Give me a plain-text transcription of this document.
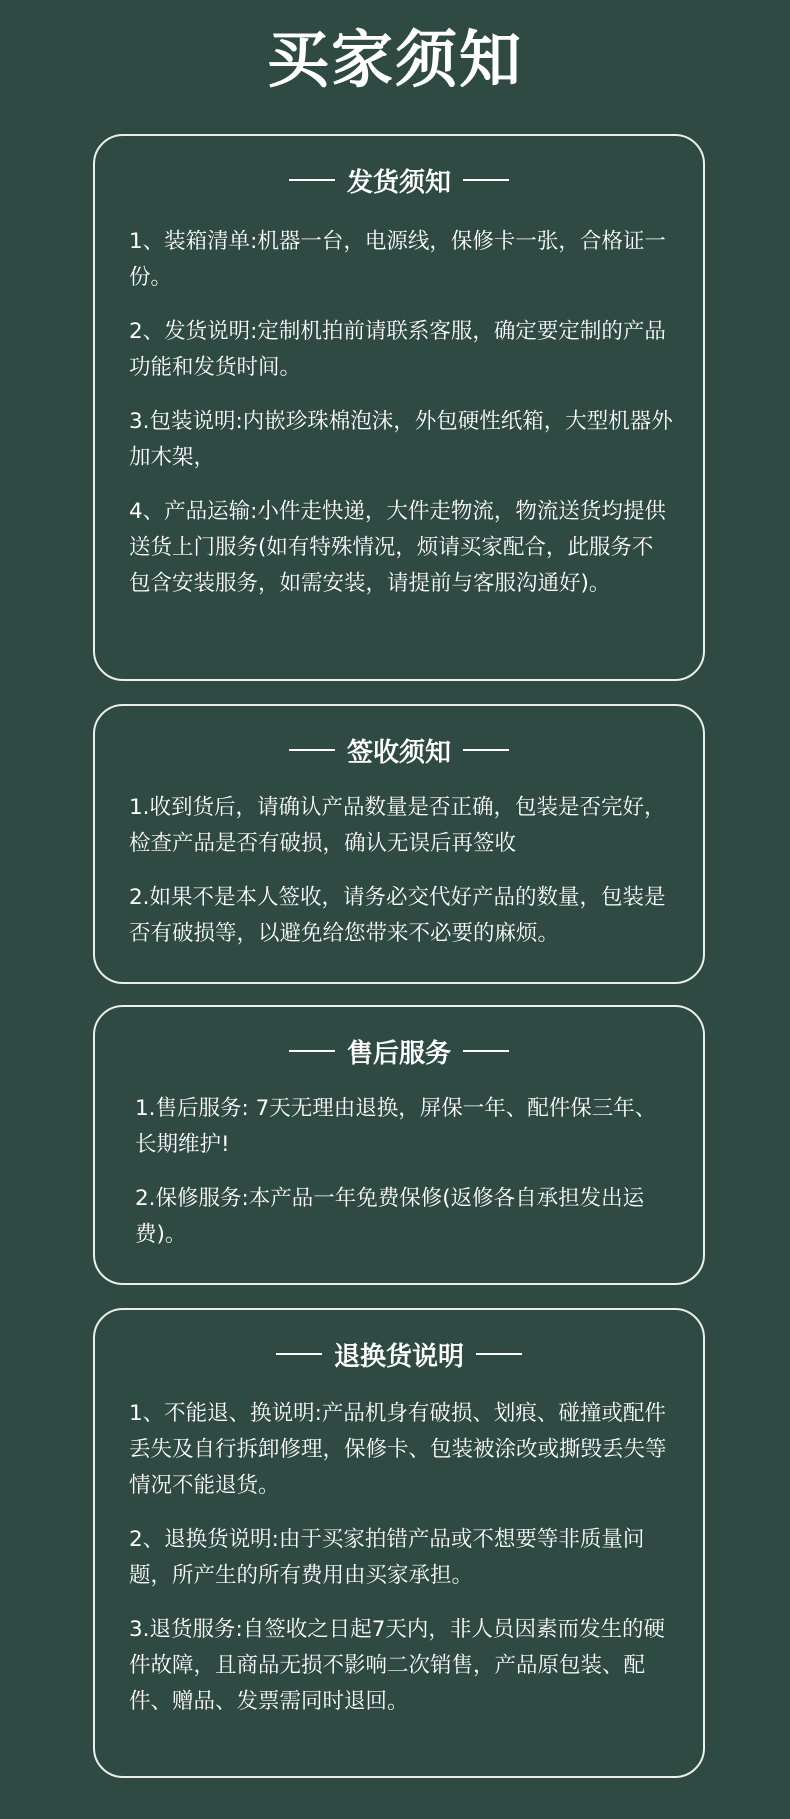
买家须知
发货须知

1、装箱清单:机器一台，电源线，保修卡一张，合格证一份。

2、发货说明:定制机拍前请联系客服，确定要定制的产品功能和发货时间。

3.包装说明:内嵌珍珠棉泡沫，外包硬性纸箱，大型机器外加木架，

4、产品运输:小件走快递，大件走物流，物流送货均提供送货上门服务(如有特殊情况，烦请买家配合，此服务不包含安装服务，如需安装，请提前与客服沟通好)。

签收须知

1.收到货后，请确认产品数量是否正确，包装是否完好，检查产品是否有破损，确认无误后再签收

2.如果不是本人签收，请务必交代好产品的数量，包装是否有破损等，以避免给您带来不必要的麻烦。

售后服务

1.售后服务: 7天无理由退换，屏保一年、配件保三年、长期维护!

2.保修服务:本产品一年免费保修(返修各自承担发出运费)。

退换货说明

1、不能退、换说明:产品机身有破损、划痕、碰撞或配件丢失及自行拆卸修理，保修卡、包装被涂改或撕毁丢失等情况不能退货。

2、退换货说明:由于买家拍错产品或不想要等非质量问题，所产生的所有费用由买家承担。

3.退货服务:自签收之日起7天内，非人员因素而发生的硬件故障，且商品无损不影响二次销售，产品原包装、配件、赠品、发票需同时退回。
